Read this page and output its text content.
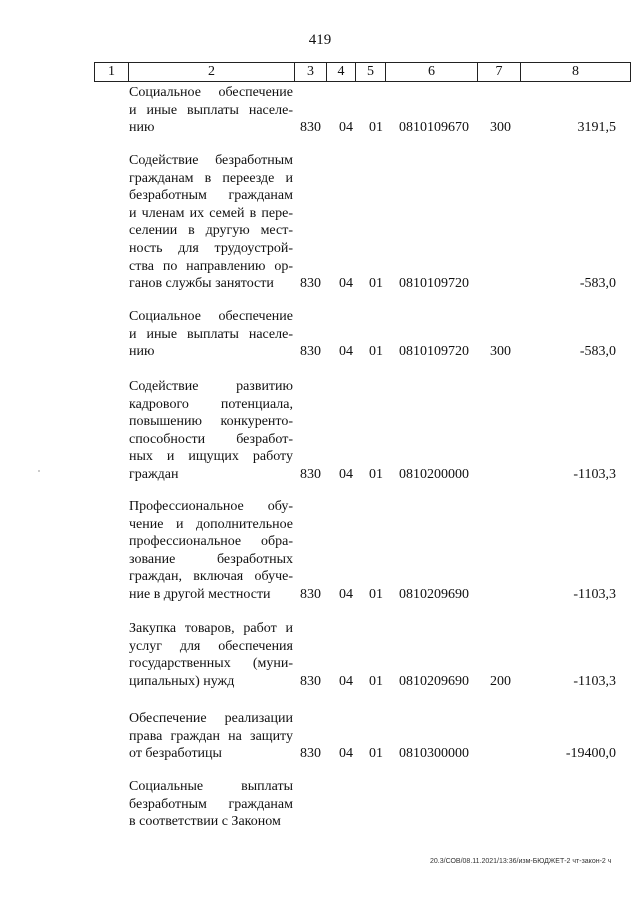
419
1	2	3	4	5	6	7	8
Социальное обеспечение
и иные выплаты населе-
нию	830 04 01 0810109670 300	3191,5
Содействие безработным
гражданам в переезде и
безработным гражданам
и членам их семей в пере-
селении в другую мест-
ность для трудоустрой-
ства по направлению ор-
ганов службы занятости	830 04 01 0810109720	-583,0
Социальное обеспечение
и иные выплаты населе-
нию	830 04 01 0810109720 300	-583,0
Содействие развитию
кадрового потенциала,
повышению конкуренто-
способности безработ-
ных и ищущих работу
граждан	830 04 01 0810200000	-1103,3
Профессиональное обу-
чение и дополнительное
профессиональное обра-
зование безработных
граждан, включая обуче-
ние в другой местности	830 04 01 0810209690	-1103,3
Закупка товаров, работ и
услуг для обеспечения
государственных (муни-
ципальных) нужд	830 04 01 0810209690 200	-1103,3
Обеспечение реализации
права граждан на защиту
от безработицы	830 04 01 0810300000	-19400,0
Социальные выплаты
безработным гражданам
в соответствии с Законом
20.3/СОВ/08.11.2021/13:36/изм-БЮДЖЕТ-2 чт-закон-2 ч
